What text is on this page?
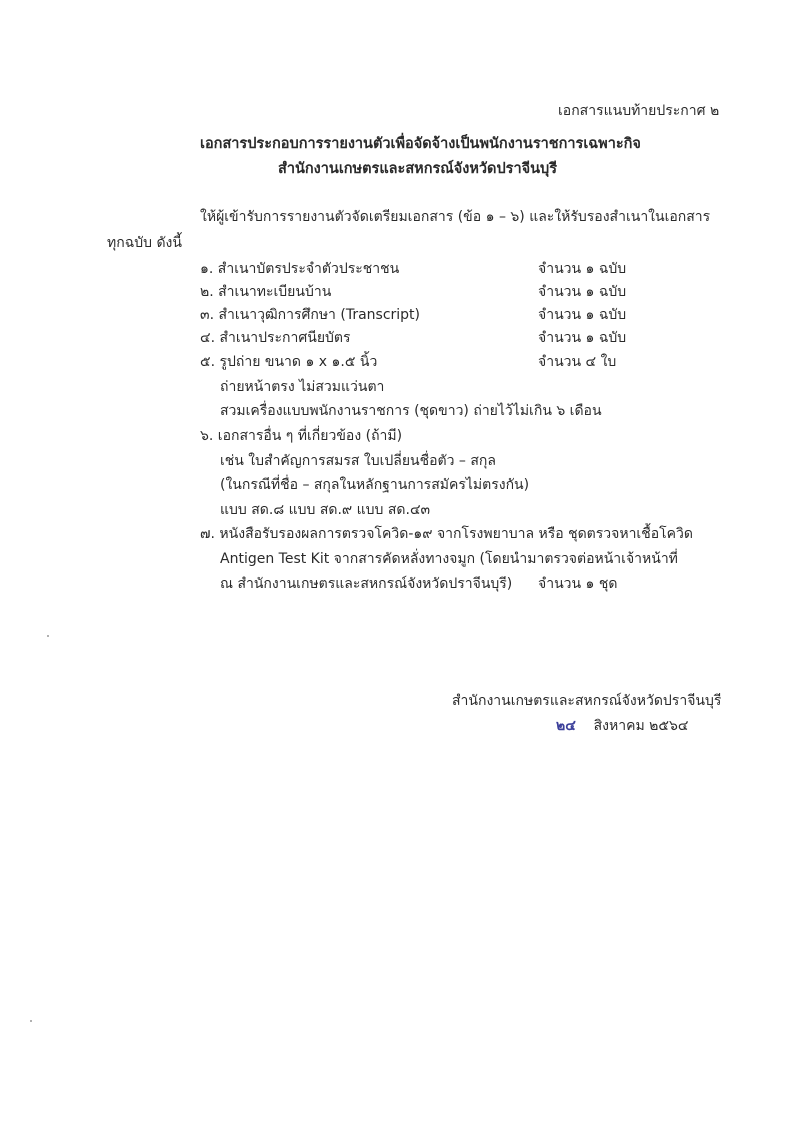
เอกสารแนบท้ายประกาศ ๒
เอกสารประกอบการรายงานตัวเพื่อจัดจ้างเป็นพนักงานราชการเฉพาะกิจ
สำนักงานเกษตรและสหกรณ์จังหวัดปราจีนบุรี
ให้ผู้เข้ารับการรายงานตัวจัดเตรียมเอกสาร (ข้อ ๑ – ๖) และให้รับรองสำเนาในเอกสาร
ทุกฉบับ ดังนี้
๑. สำเนาบัตรประจำตัวประชาชน	จำนวน ๑ ฉบับ
๒. สำเนาทะเบียนบ้าน	จำนวน ๑ ฉบับ
๓. สำเนาวุฒิการศึกษา (Transcript)	จำนวน ๑ ฉบับ
๔. สำเนาประกาศนียบัตร	จำนวน ๑ ฉบับ
๕. รูปถ่าย ขนาด ๑ x ๑.๕ นิ้ว	จำนวน ๔ ใบ
ถ่ายหน้าตรง ไม่สวมแว่นตา
สวมเครื่องแบบพนักงานราชการ (ชุดขาว) ถ่ายไว้ไม่เกิน ๖ เดือน
๖. เอกสารอื่น ๆ ที่เกี่ยวข้อง (ถ้ามี)
เช่น ใบสำคัญการสมรส ใบเปลี่ยนชื่อตัว – สกุล
(ในกรณีที่ชื่อ – สกุลในหลักฐานการสมัครไม่ตรงกัน)
แบบ สด.๘ แบบ สด.๙ แบบ สด.๔๓
๗. หนังสือรับรองผลการตรวจโควิด-๑๙ จากโรงพยาบาล หรือ ชุดตรวจหาเชื้อโควิด
Antigen Test Kit จากสารคัดหลั่งทางจมูก (โดยนำมาตรวจต่อหน้าเจ้าหน้าที่
ณ สำนักงานเกษตรและสหกรณ์จังหวัดปราจีนบุรี) จำนวน ๑ ชุด
สำนักงานเกษตรและสหกรณ์จังหวัดปราจีนบุรี
๒๔ สิงหาคม ๒๕๖๔
